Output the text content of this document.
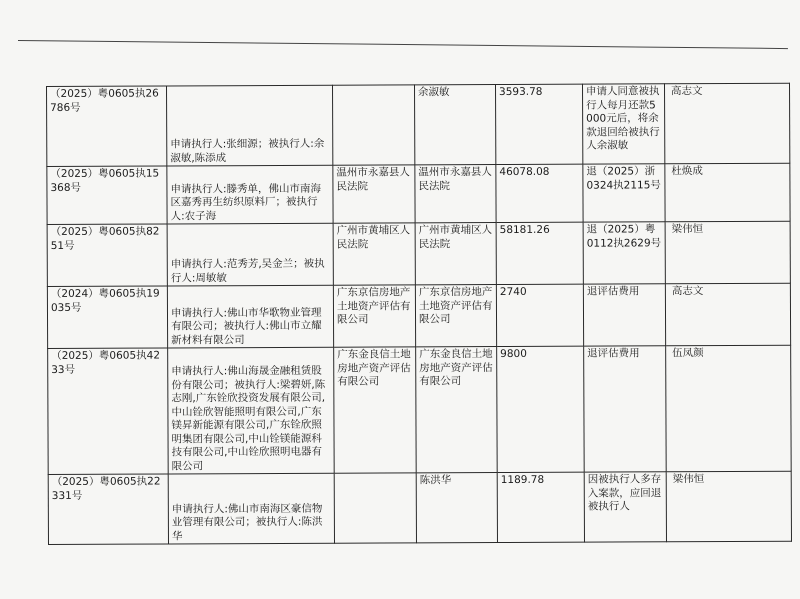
（2025）粤0605执26786号	申请执行人:张细源；被执行人:余淑敏,陈添成		余淑敏	3593.78	申请人同意被执行人每月还款5000元后，将余款退回给被执行人余淑敏	高志文
（2025）粤0605执15368号	申请执行人:滕秀单，佛山市南海区嘉秀再生纺织原料厂；被执行人:农子海	温州市永嘉县人民法院	温州市永嘉县人民法院	46078.08	退（2025）浙0324执2115号	杜焕成
（2025）粤0605执8251号	申请执行人:范秀芳,吴金兰；被执行人:周敏敏	广州市黄埔区人民法院	广州市黄埔区人民法院	58181.26	退（2025）粤0112执2629号	梁伟恒
（2024）粤0605执19035号	申请执行人:佛山市华歌物业管理有限公司；被执行人:佛山市立耀新材料有限公司	广东京信房地产土地资产评估有限公司	广东京信房地产土地资产评估有限公司	2740	退评估费用	高志文
（2025）粤0605执4233号	申请执行人:佛山海晟金融租赁股份有限公司；被执行人:梁碧妍,陈志刚,广东铨欣投资发展有限公司,中山铨欣智能照明有限公司,广东镁昇新能源有限公司,广东铨欣照明集团有限公司,中山铨镁能源科技有限公司,中山铨欣照明电器有限公司	广东金良信土地房地产资产评估有限公司	广东金良信土地房地产资产评估有限公司	9800	退评估费用	伍凤颜
（2025）粤0605执22331号	申请执行人:佛山市南海区豪信物业管理有限公司；被执行人:陈洪华		陈洪华	1189.78	因被执行人多存入案款，应回退被执行人	梁伟恒
